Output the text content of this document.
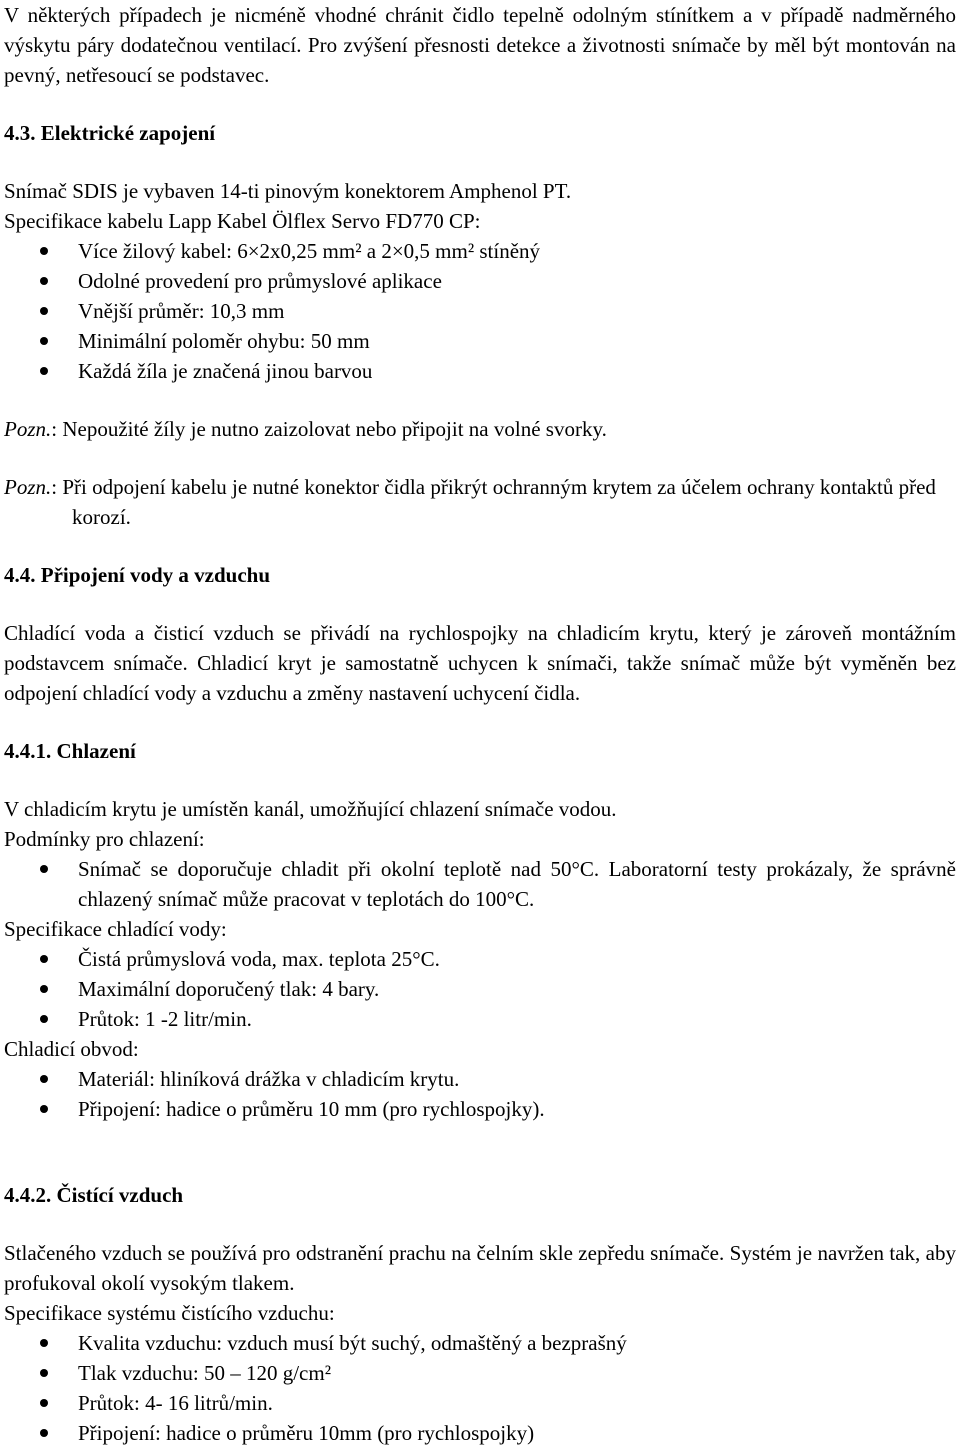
V některých případech je nicméně vhodné chránit čidlo tepelně odolným stínítkem a v případě nadměrného výskytu páry dodatečnou ventilací. Pro zvýšení přesnosti detekce a životnosti snímače by měl být montován na pevný, netřesoucí se podstavec.

4.3. Elektrické zapojení

Snímač SDIS je vybaven 14-ti pinovým konektorem Amphenol PT.

Specifikace kabelu Lapp Kabel Ölflex Servo FD770 CP:

Více žilový kabel: 6×2x0,25 mm² a 2×0,5 mm² stíněný
Odolné provedení pro průmyslové aplikace
Vnější průměr: 10,3 mm
Minimální poloměr ohybu: 50 mm
Každá žíla je značená jinou barvou

Pozn.: Nepoužité žíly je nutno zaizolovat nebo připojit na volné svorky.

Pozn.: Při odpojení kabelu je nutné konektor čidla přikrýt ochranným krytem za účelem ochrany kontaktů před korozí.

4.4. Připojení vody a vzduchu

Chladící voda a čisticí vzduch se přivádí na rychlospojky na chladicím krytu, který je zároveň montážním podstavcem snímače. Chladicí kryt je samostatně uchycen k snímači, takže snímač může být vyměněn bez odpojení chladící vody a vzduchu a změny nastavení uchycení čidla.

4.4.1. Chlazení

V chladicím krytu je umístěn kanál, umožňující chlazení snímače vodou.

Podmínky pro chlazení:

Snímač se doporučuje chladit při okolní teplotě nad 50°C. Laboratorní testy prokázaly, že správně chlazený snímač může pracovat v teplotách do 100°C.

Specifikace chladící vody:

Čistá průmyslová voda, max. teplota 25°C.
Maximální doporučený tlak: 4 bary.
Průtok: 1 -2 litr/min.

Chladicí obvod:

Materiál: hliníková drážka v chladicím krytu.
Připojení: hadice o průměru 10 mm (pro rychlospojky).
4.4.2. Čistící vzduch

Stlačeného vzduch se používá pro odstranění prachu na čelním skle zepředu snímače. Systém je navržen tak, aby profukoval okolí vysokým tlakem.

Specifikace systému čistícího vzduchu:

Kvalita vzduchu: vzduch musí být suchý, odmaštěný a bezprašný
Tlak vzduchu: 50 – 120 g/cm²
Průtok: 4- 16 litrů/min.
Připojení: hadice o průměru 10mm (pro rychlospojky)
